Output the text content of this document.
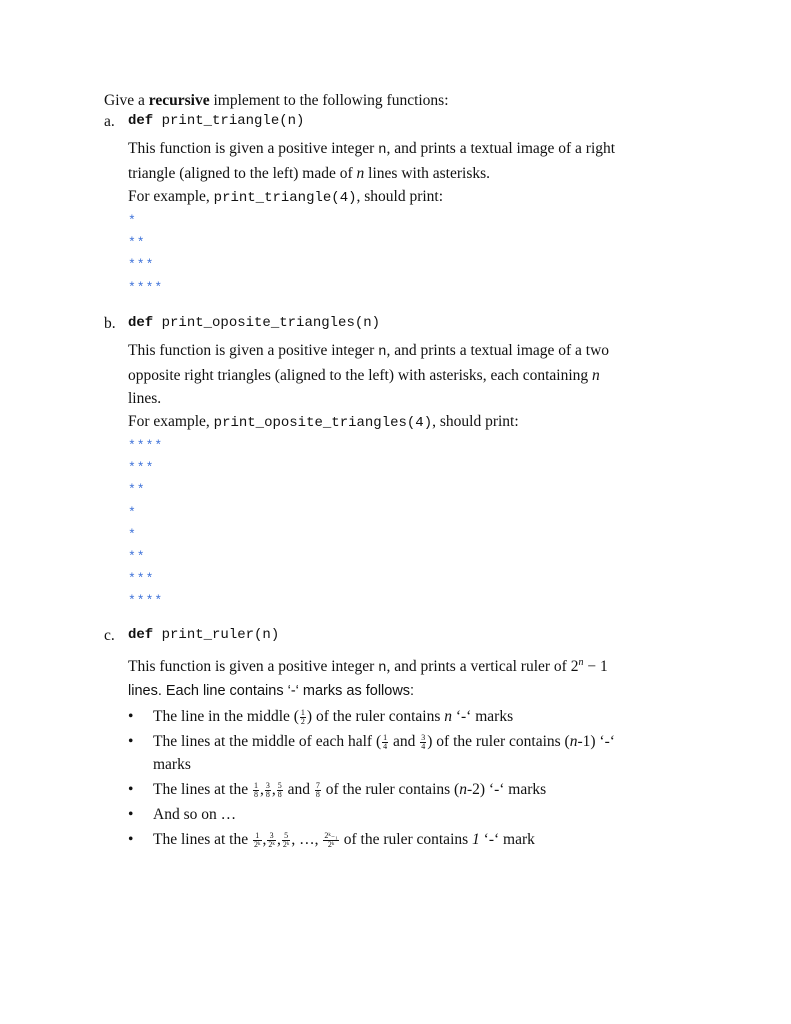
Give a recursive implement to the following functions:
a. def print_triangle(n)

This function is given a positive integer n, and prints a textual image of a right

triangle (aligned to the left) made of n lines with asterisks.

For example, print_triangle(4), should print:

*
**
***
****
b. def print_oposite_triangles(n)

This function is given a positive integer n, and prints a textual image of a two

opposite right triangles (aligned to the left) with asterisks, each containing n

lines.

For example, print_oposite_triangles(4), should print:

****
***
**
*
*
**
***
****
c. def print_ruler(n)

This function is given a positive integer n, and prints a vertical ruler of $2^n - 1$

lines. Each line contains ‘-‘ marks as follows:

• The line in the middle ( $\frac{1}{2}$ ) of the ruler contains n ‘-‘ marks
• The lines at the middle of each half ( $\frac{1}{4}$ and $\frac{3}{4}$ ) of the ruler contains (n-1) ‘-‘
marks
• The lines at the $\frac{1}{8}$ , $\frac{3}{8}$ , $\frac{5}{8}$ and $\frac{7}{8}$ of the ruler contains (n-2) ‘-‘ marks
• And so on …
• The lines at the $\frac{1}{\text{2ᵏ}}$ , $\frac{3}{\text{2ᵏ}}$ , $\frac{5}{\text{2ᵏ}}$ , …, $\frac{\text{2ᵏ₋₁}}{\text{2ᵏ}}$ of the ruler contains 1 ‘-‘ mark
